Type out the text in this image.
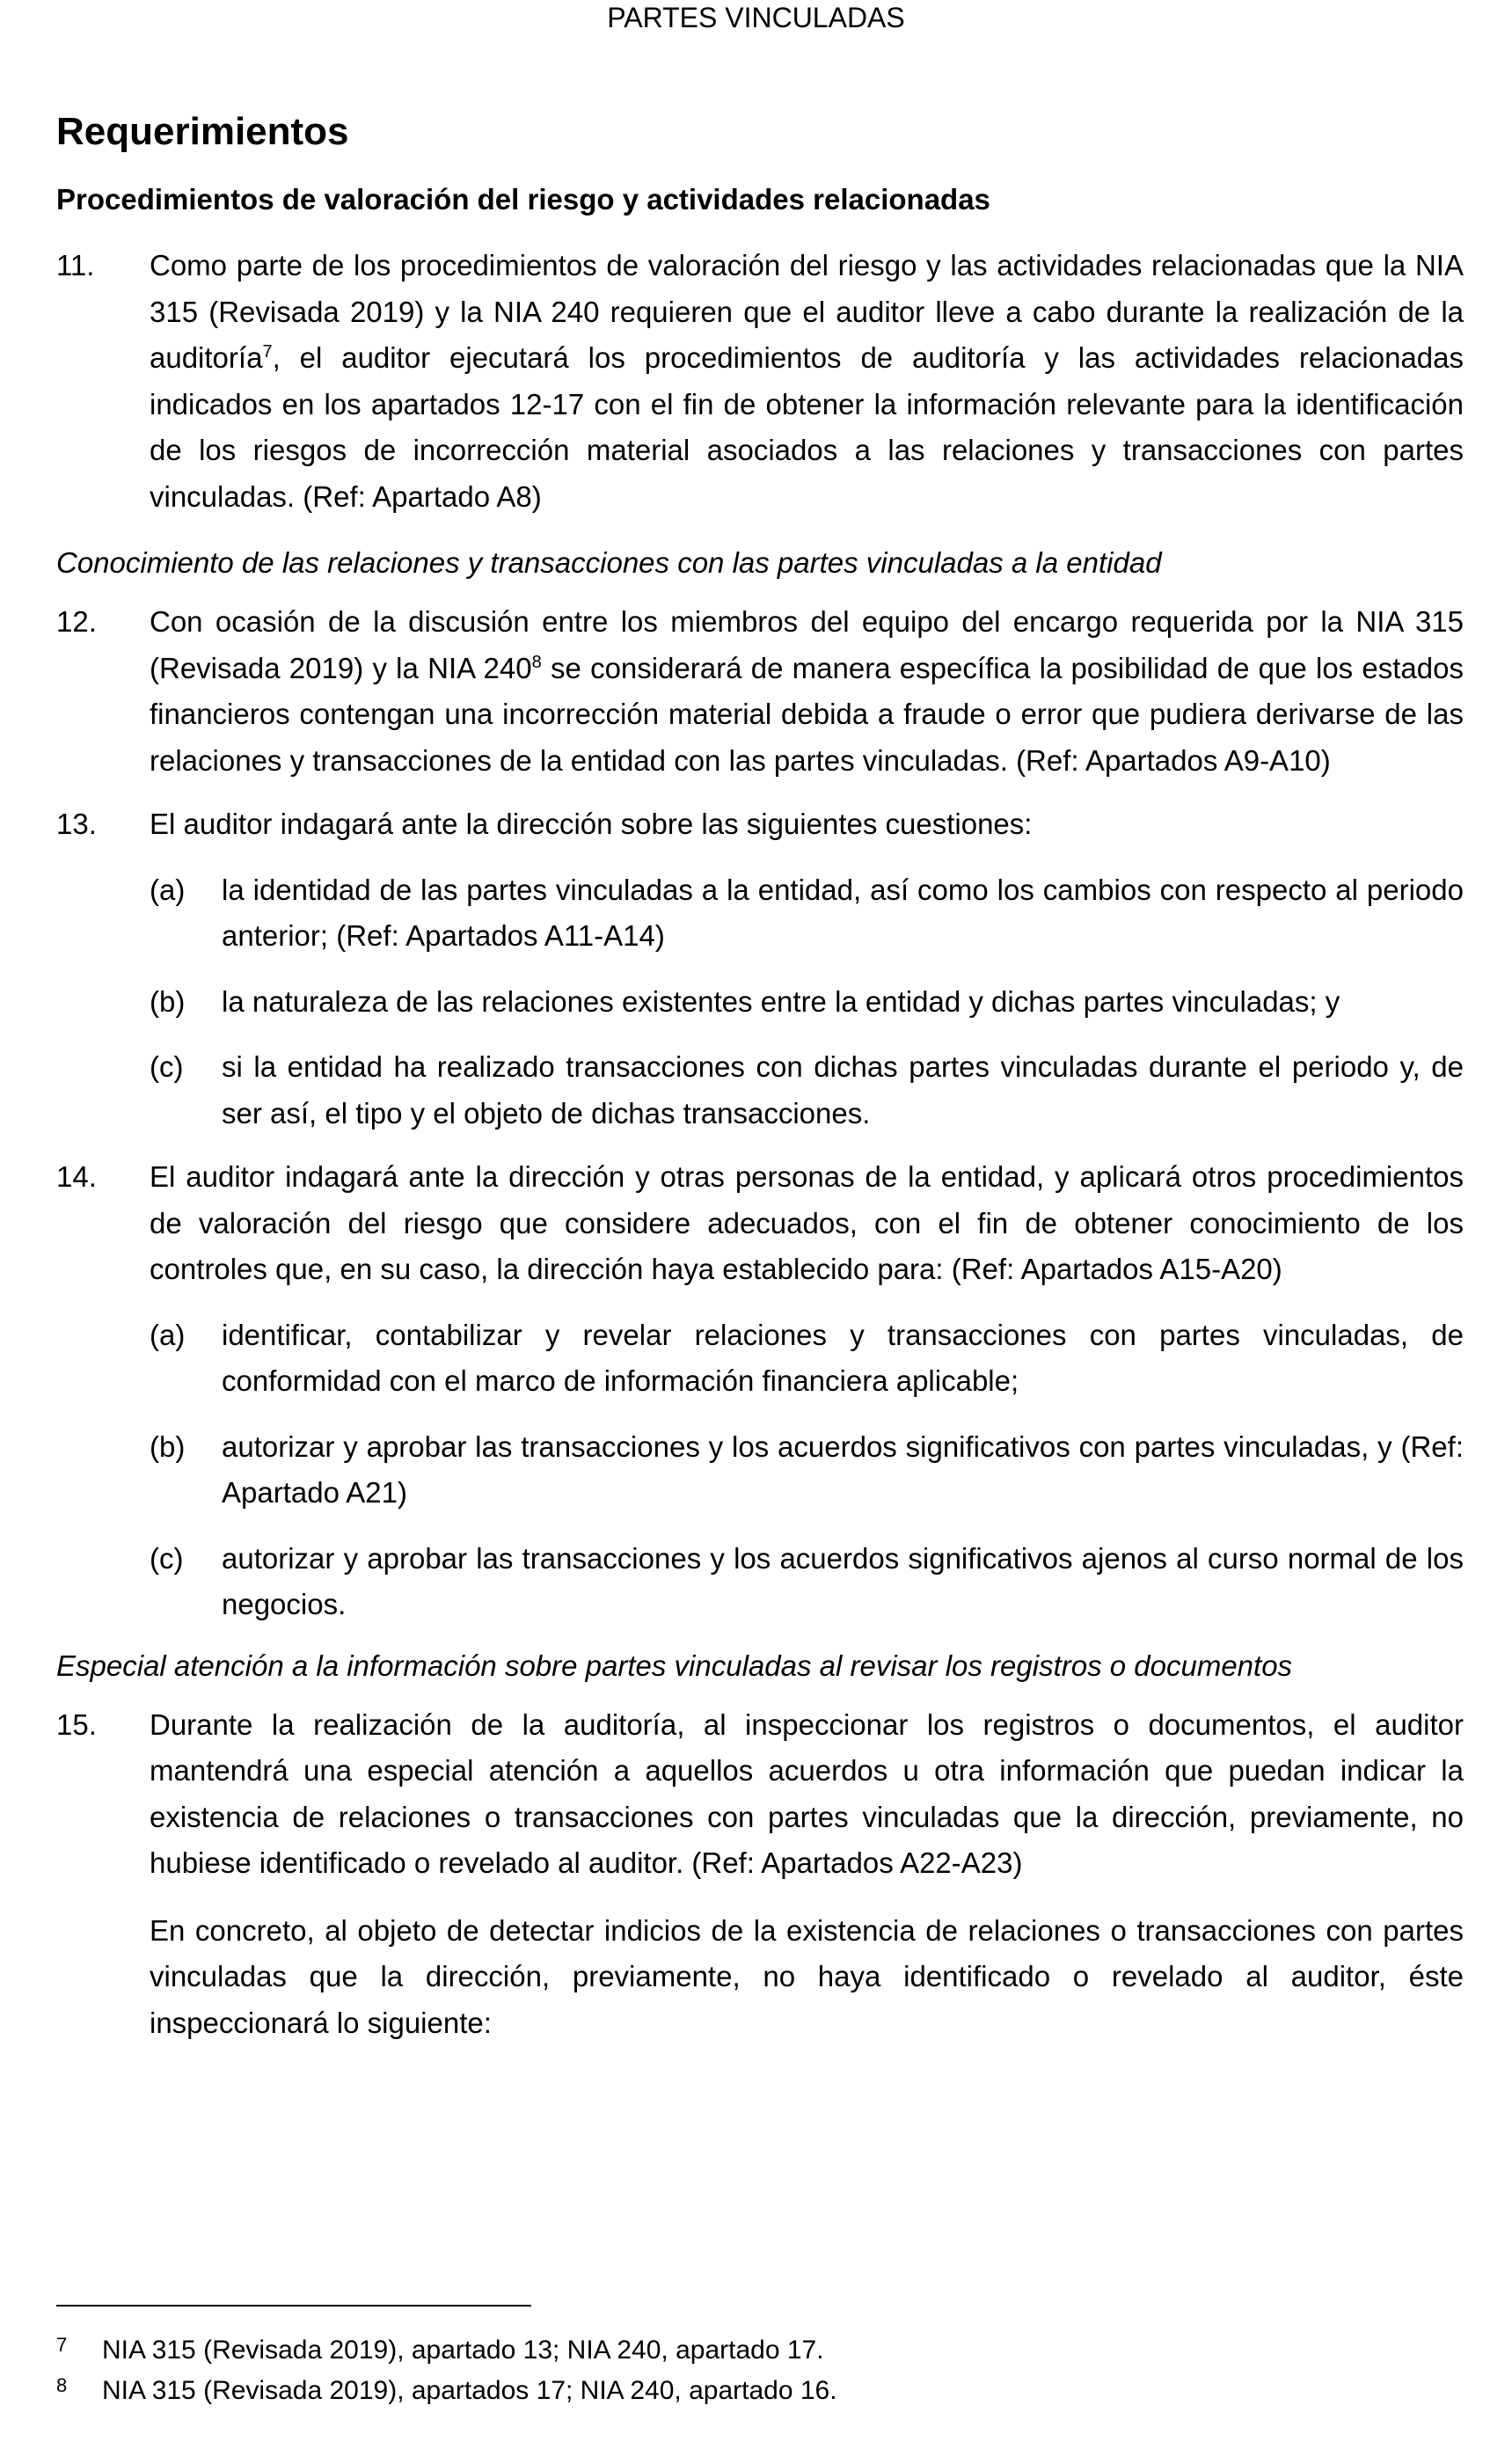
PARTES VINCULADAS
Requerimientos
Procedimientos de valoración del riesgo y actividades relacionadas
11. Como parte de los procedimientos de valoración del riesgo y las actividades relacionadas que la NIA 315 (Revisada 2019) y la NIA 240 requieren que el auditor lleve a cabo durante la realización de la auditoría$^7$, el auditor ejecutará los procedimientos de auditoría y las actividades relacionadas indicados en los apartados 12-17 con el fin de obtener la información relevante para la identificación de los riesgos de incorrección material asociados a las relaciones y transacciones con partes vinculadas. (Ref: Apartado A8)

Conocimiento de las relaciones y transacciones con las partes vinculadas a la entidad
12. Con ocasión de la discusión entre los miembros del equipo del encargo requerida por la NIA 315 (Revisada 2019) y la NIA $240^8$ se considerará de manera específica la posibilidad de que los estados financieros contengan una incorrección material debida a fraude o error que pudiera derivarse de las relaciones y transacciones de la entidad con las partes vinculadas. (Ref: Apartados A9-A10)

13. El auditor indagará ante la dirección sobre las siguientes cuestiones:

(a) la identidad de las partes vinculadas a la entidad, así como los cambios con respecto al periodo anterior; (Ref: Apartados A11-A14)

(b) la naturaleza de las relaciones existentes entre la entidad y dichas partes vinculadas; y

(c) si la entidad ha realizado transacciones con dichas partes vinculadas durante el periodo y, de ser así, el tipo y el objeto de dichas transacciones.

14. El auditor indagará ante la dirección y otras personas de la entidad, y aplicará otros procedimientos de valoración del riesgo que considere adecuados, con el fin de obtener conocimiento de los controles que, en su caso, la dirección haya establecido para: (Ref: Apartados A15-A20)

(a) identificar, contabilizar y revelar relaciones y transacciones con partes vinculadas, de conformidad con el marco de información financiera aplicable;

(b) autorizar y aprobar las transacciones y los acuerdos significativos con partes vinculadas, y (Ref: Apartado A21)

(c) autorizar y aprobar las transacciones y los acuerdos significativos ajenos al curso normal de los negocios.

Especial atención a la información sobre partes vinculadas al revisar los registros o documentos
15. Durante la realización de la auditoría, al inspeccionar los registros o documentos, el auditor mantendrá una especial atención a aquellos acuerdos u otra información que puedan indicar la existencia de relaciones o transacciones con partes vinculadas que la dirección, previamente, no hubiese identificado o revelado al auditor. (Ref: Apartados A22-A23)

En concreto, al objeto de detectar indicios de la existencia de relaciones o transacciones con partes vinculadas que la dirección, previamente, no haya identificado o revelado al auditor, éste inspeccionará lo siguiente:

7 NIA 315 (Revisada 2019), apartado 13; NIA 240, apartado 17.
8 NIA 315 (Revisada 2019), apartados 17; NIA 240, apartado 16.
